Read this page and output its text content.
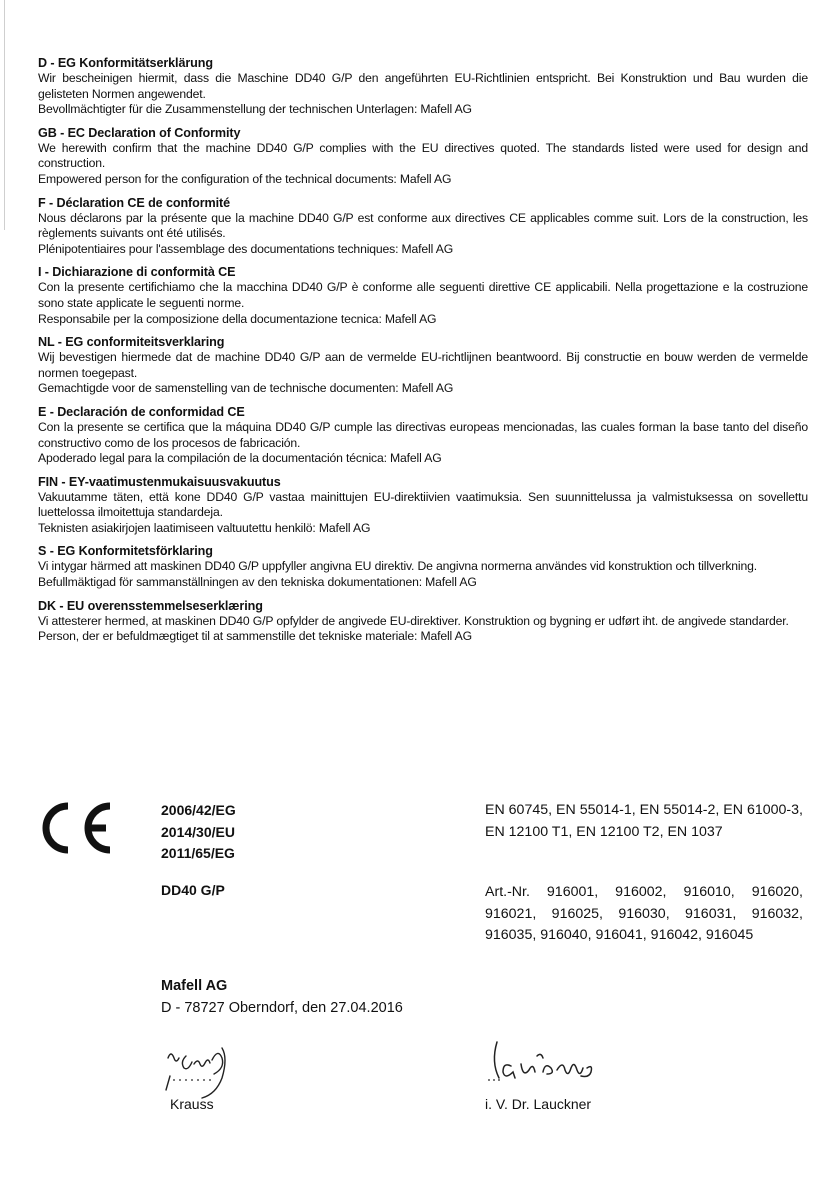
D - EG Konformitätserklärung

Wir bescheinigen hiermit, dass die Maschine DD40 G/P den angeführten EU-Richtlinien entspricht. Bei Konstruktion und Bau wurden die gelisteten Normen angewendet.

Bevollmächtigter für die Zusammenstellung der technischen Unterlagen: Mafell AG

GB - EC Declaration of Conformity

We herewith confirm that the machine DD40 G/P complies with the EU directives quoted. The standards listed were used for design and construction.

Empowered person for the configuration of the technical documents: Mafell AG

F - Déclaration CE de conformité

Nous déclarons par la présente que la machine DD40 G/P est conforme aux directives CE applicables comme suit. Lors de la construction, les règlements suivants ont été utilisés.

Plénipotentiaires pour l'assemblage des documentations techniques: Mafell AG

I - Dichiarazione di conformità CE

Con la presente certifichiamo che la macchina DD40 G/P è conforme alle seguenti direttive CE applicabili. Nella progettazione e la costruzione sono state applicate le seguenti norme.

Responsabile per la composizione della documentazione tecnica: Mafell AG

NL - EG conformiteitsverklaring

Wij bevestigen hiermede dat de machine DD40 G/P aan de vermelde EU-richtlijnen beantwoord. Bij constructie en bouw werden de vermelde normen toegepast.

Gemachtigde voor de samenstelling van de technische documenten: Mafell AG

E - Declaración de conformidad CE

Con la presente se certifica que la máquina DD40 G/P cumple las directivas europeas mencionadas, las cuales forman la base tanto del diseño constructivo como de los procesos de fabricación.

Apoderado legal para la compilación de la documentación técnica: Mafell AG

FIN - EY-vaatimustenmukaisuusvakuutus

Vakuutamme täten, että kone DD40 G/P vastaa mainittujen EU-direktiivien vaatimuksia. Sen suunnittelussa ja valmistuksessa on sovellettu luettelossa ilmoitettuja standardeja.

Teknisten asiakirjojen laatimiseen valtuutettu henkilö: Mafell AG

S - EG Konformitetsförklaring

Vi intygar härmed att maskinen DD40 G/P uppfyller angivna EU direktiv. De angivna normerna användes vid konstruktion och tillverkning.

Befullmäktigad för sammanställningen av den tekniska dokumentationen: Mafell AG

DK - EU overensstemmelseserklæring

Vi attesterer hermed, at maskinen DD40 G/P opfylder de angivede EU-direktiver. Konstruktion og bygning er udført iht. de angivede standarder.

Person, der er befuldmægtiget til at sammenstille det tekniske materiale: Mafell AG

2006/42/EG
2014/30/EU
2011/65/EG
EN 60745, EN 55014-1, EN 55014-2, EN 61000-3, EN 12100 T1, EN 12100 T2, EN 1037
DD40 G/P	Art.-Nr. 916001, 916002, 916010, 916020, 916021, 916025, 916030, 916031, 916032, 916035, 916040, 916041, 916042, 916045
Mafell AG
D - 78727 Oberndorf, den 27.04.2016
Krauss	i. V. Dr. Lauckner
